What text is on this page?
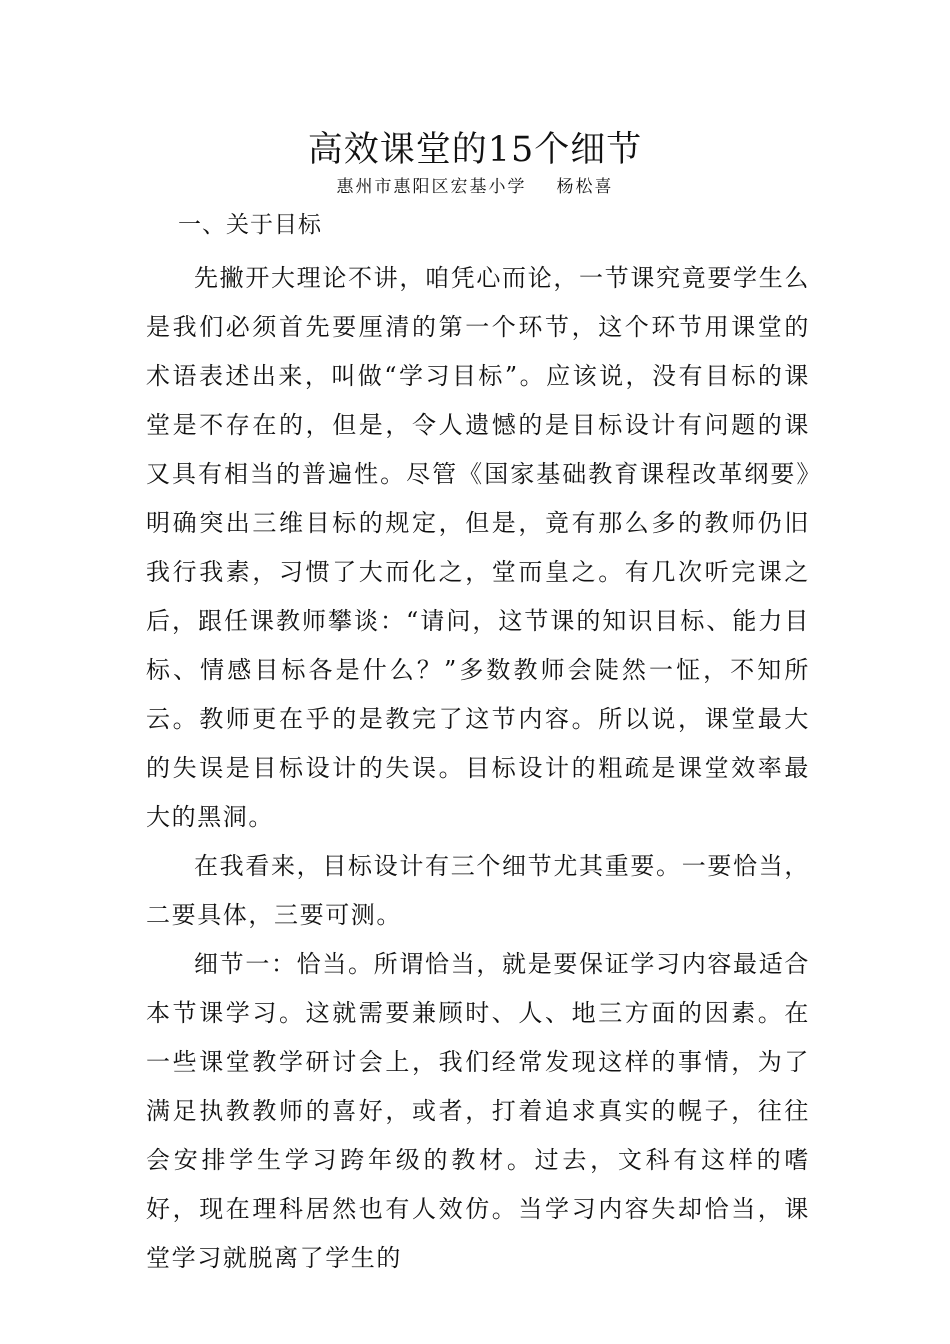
高效课堂的15个细节
惠州市惠阳区宏基小学 杨松喜
一、关于目标

先撇开大理论不讲，咱凭心而论，一节课究竟要学生么是我们必须首先要厘清的第一个环节，这个环节用课堂的术语表述出来，叫做“学习目标”。应该说，没有目标的课堂是不存在的，但是，令人遗憾的是目标设计有问题的课又具有相当的普遍性。尽管《国家基础教育课程改革纲要》明确突出三维目标的规定，但是，竟有那么多的教师仍旧我行我素，习惯了大而化之，堂而皇之。有几次听完课之后，跟任课教师攀谈：“请问，这节课的知识目标、能力目标、情感目标各是什么？”多数教师会陡然一怔，不知所云。教师更在乎的是教完了这节内容。所以说，课堂最大的失误是目标设计的失误。目标设计的粗疏是课堂效率最大的黑洞。

在我看来，目标设计有三个细节尤其重要。一要恰当，二要具体，三要可测。

细节一：恰当。所谓恰当，就是要保证学习内容最适合本节课学习。这就需要兼顾时、人、地三方面的因素。在一些课堂教学研讨会上，我们经常发现这样的事情，为了满足执教教师的喜好，或者，打着追求真实的幌子，往往会安排学生学习跨年级的教材。过去，文科有这样的嗜好，现在理科居然也有人效仿。当学习内容失却恰当，课堂学习就脱离了学生的
